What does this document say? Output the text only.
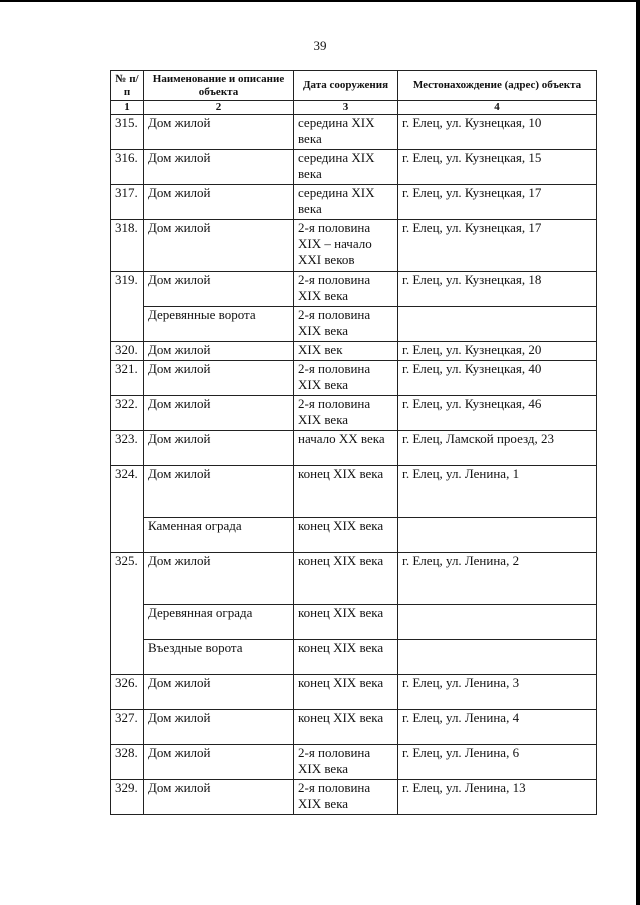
39
№ п/п	Наименование и описание объекта	Дата сооружения	Местонахождение (адрес) объекта
1	2	3	4
315.	Дом жилой	середина XIX века	г. Елец, ул. Кузнецкая, 10
316.	Дом жилой	середина XIX века	г. Елец, ул. Кузнецкая, 15
317.	Дом жилой	середина XIX века	г. Елец, ул. Кузнецкая, 17
318.	Дом жилой	2-я половина XIX – начало XXI веков	г. Елец, ул. Кузнецкая, 17
319.	Дом жилой	2-я половина XIX века	г. Елец, ул. Кузнецкая, 18
	Деревянные ворота	2-я половина XIX века	
320.	Дом жилой	XIX век	г. Елец, ул. Кузнецкая, 20
321.	Дом жилой	2-я половина XIX века	г. Елец, ул. Кузнецкая, 40
322.	Дом жилой	2-я половина XIX века	г. Елец, ул. Кузнецкая, 46
323.	Дом жилой	начало XX века	г. Елец, Ламской проезд, 23
324.	Дом жилой	конец XIX века	г. Елец, ул. Ленина, 1
	Каменная ограда	конец XIX века	
325.	Дом жилой	конец XIX века	г. Елец, ул. Ленина, 2
	Деревянная ограда	конец XIX века	
	Въездные ворота	конец XIX века	
326.	Дом жилой	конец XIX века	г. Елец, ул. Ленина, 3
327.	Дом жилой	конец XIX века	г. Елец, ул. Ленина, 4
328.	Дом жилой	2-я половина XIX века	г. Елец, ул. Ленина, 6
329.	Дом жилой	2-я половина XIX века	г. Елец, ул. Ленина, 13
